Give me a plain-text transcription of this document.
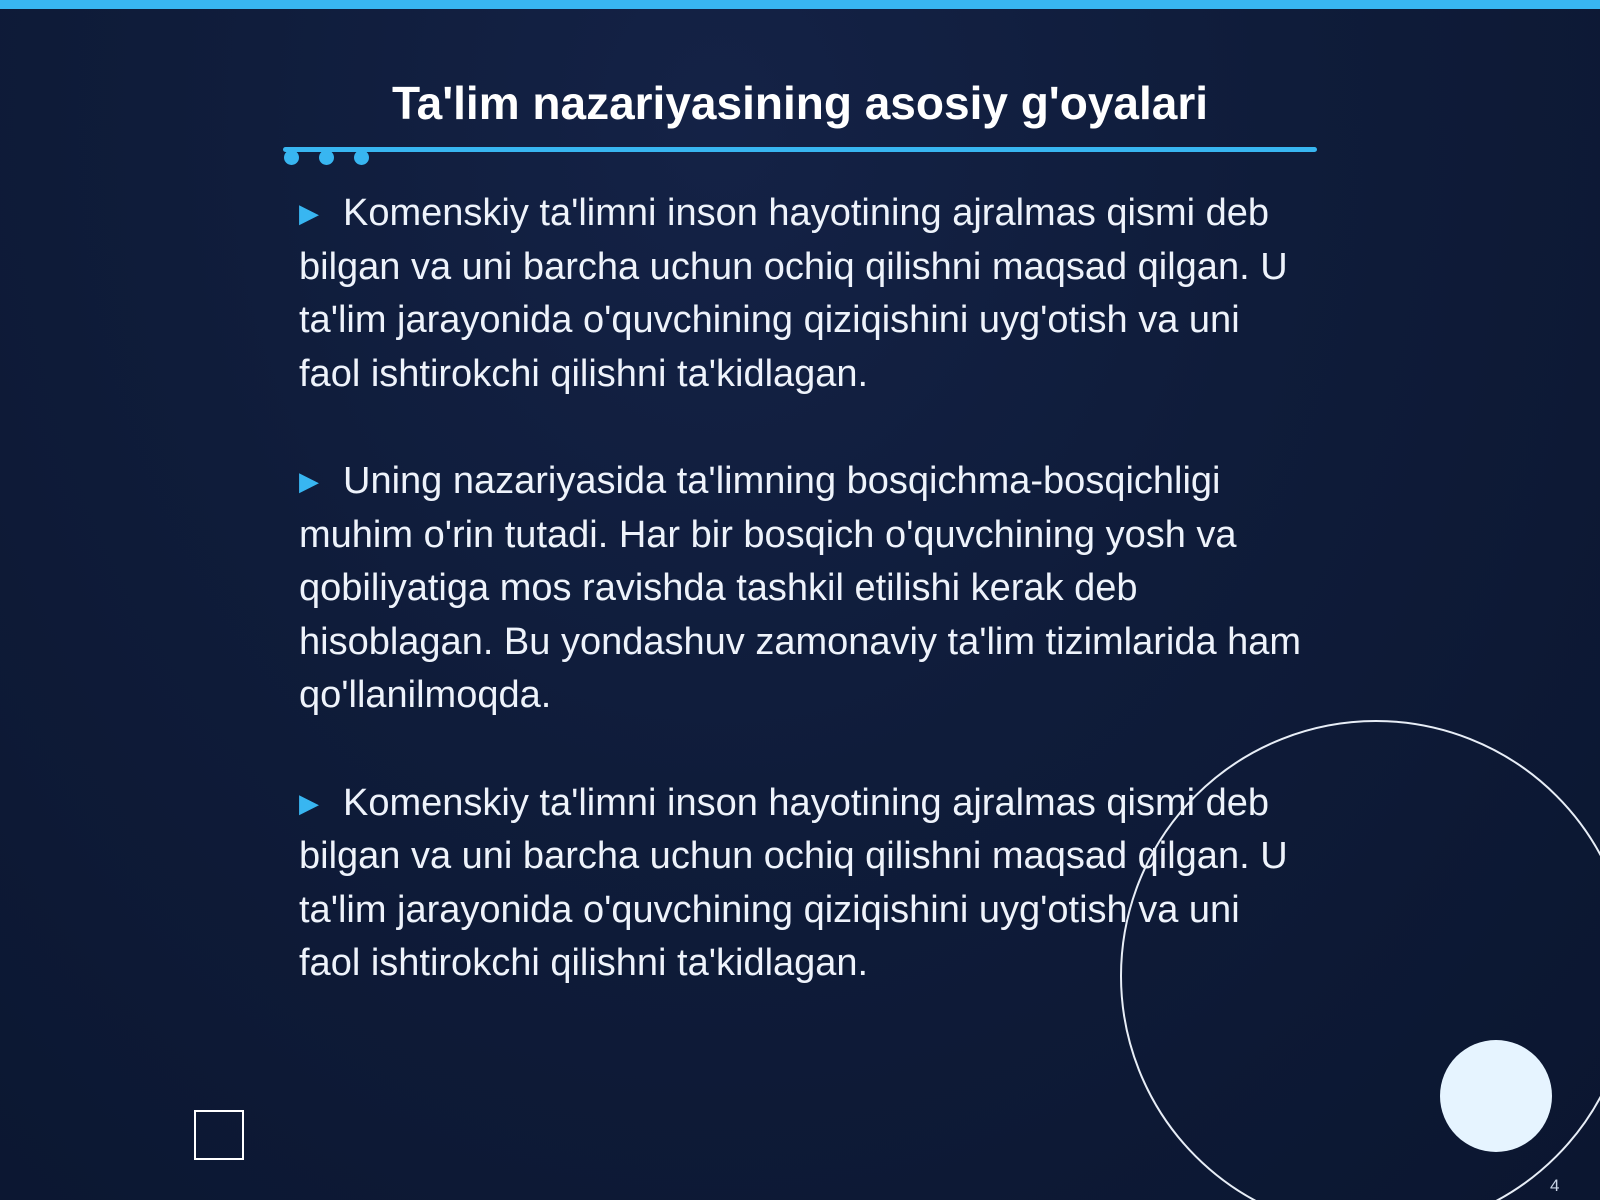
Ta'lim nazariyasining asosiy g'oyalari

▶ Komenskiy ta'limni inson hayotining ajralmas qismi deb bilgan va uni barcha uchun ochiq qilishni maqsad qilgan. U ta'lim jarayonida o'quvchining qiziqishini uyg'otish va uni faol ishtirokchi qilishni ta'kidlagan.

▶ Uning nazariyasida ta'limning bosqichma-bosqichligi muhim o'rin tutadi. Har bir bosqich o'quvchining yosh va qobiliyatiga mos ravishda tashkil etilishi kerak deb hisoblagan. Bu yondashuv zamonaviy ta'lim tizimlarida ham qo'llanilmoqda.

▶ Komenskiy ta'limni inson hayotining ajralmas qismi deb bilgan va uni barcha uchun ochiq qilishni maqsad qilgan. U ta'lim jarayonida o'quvchining qiziqishini uyg'otish va uni faol ishtirokchi qilishni ta'kidlagan.

4
